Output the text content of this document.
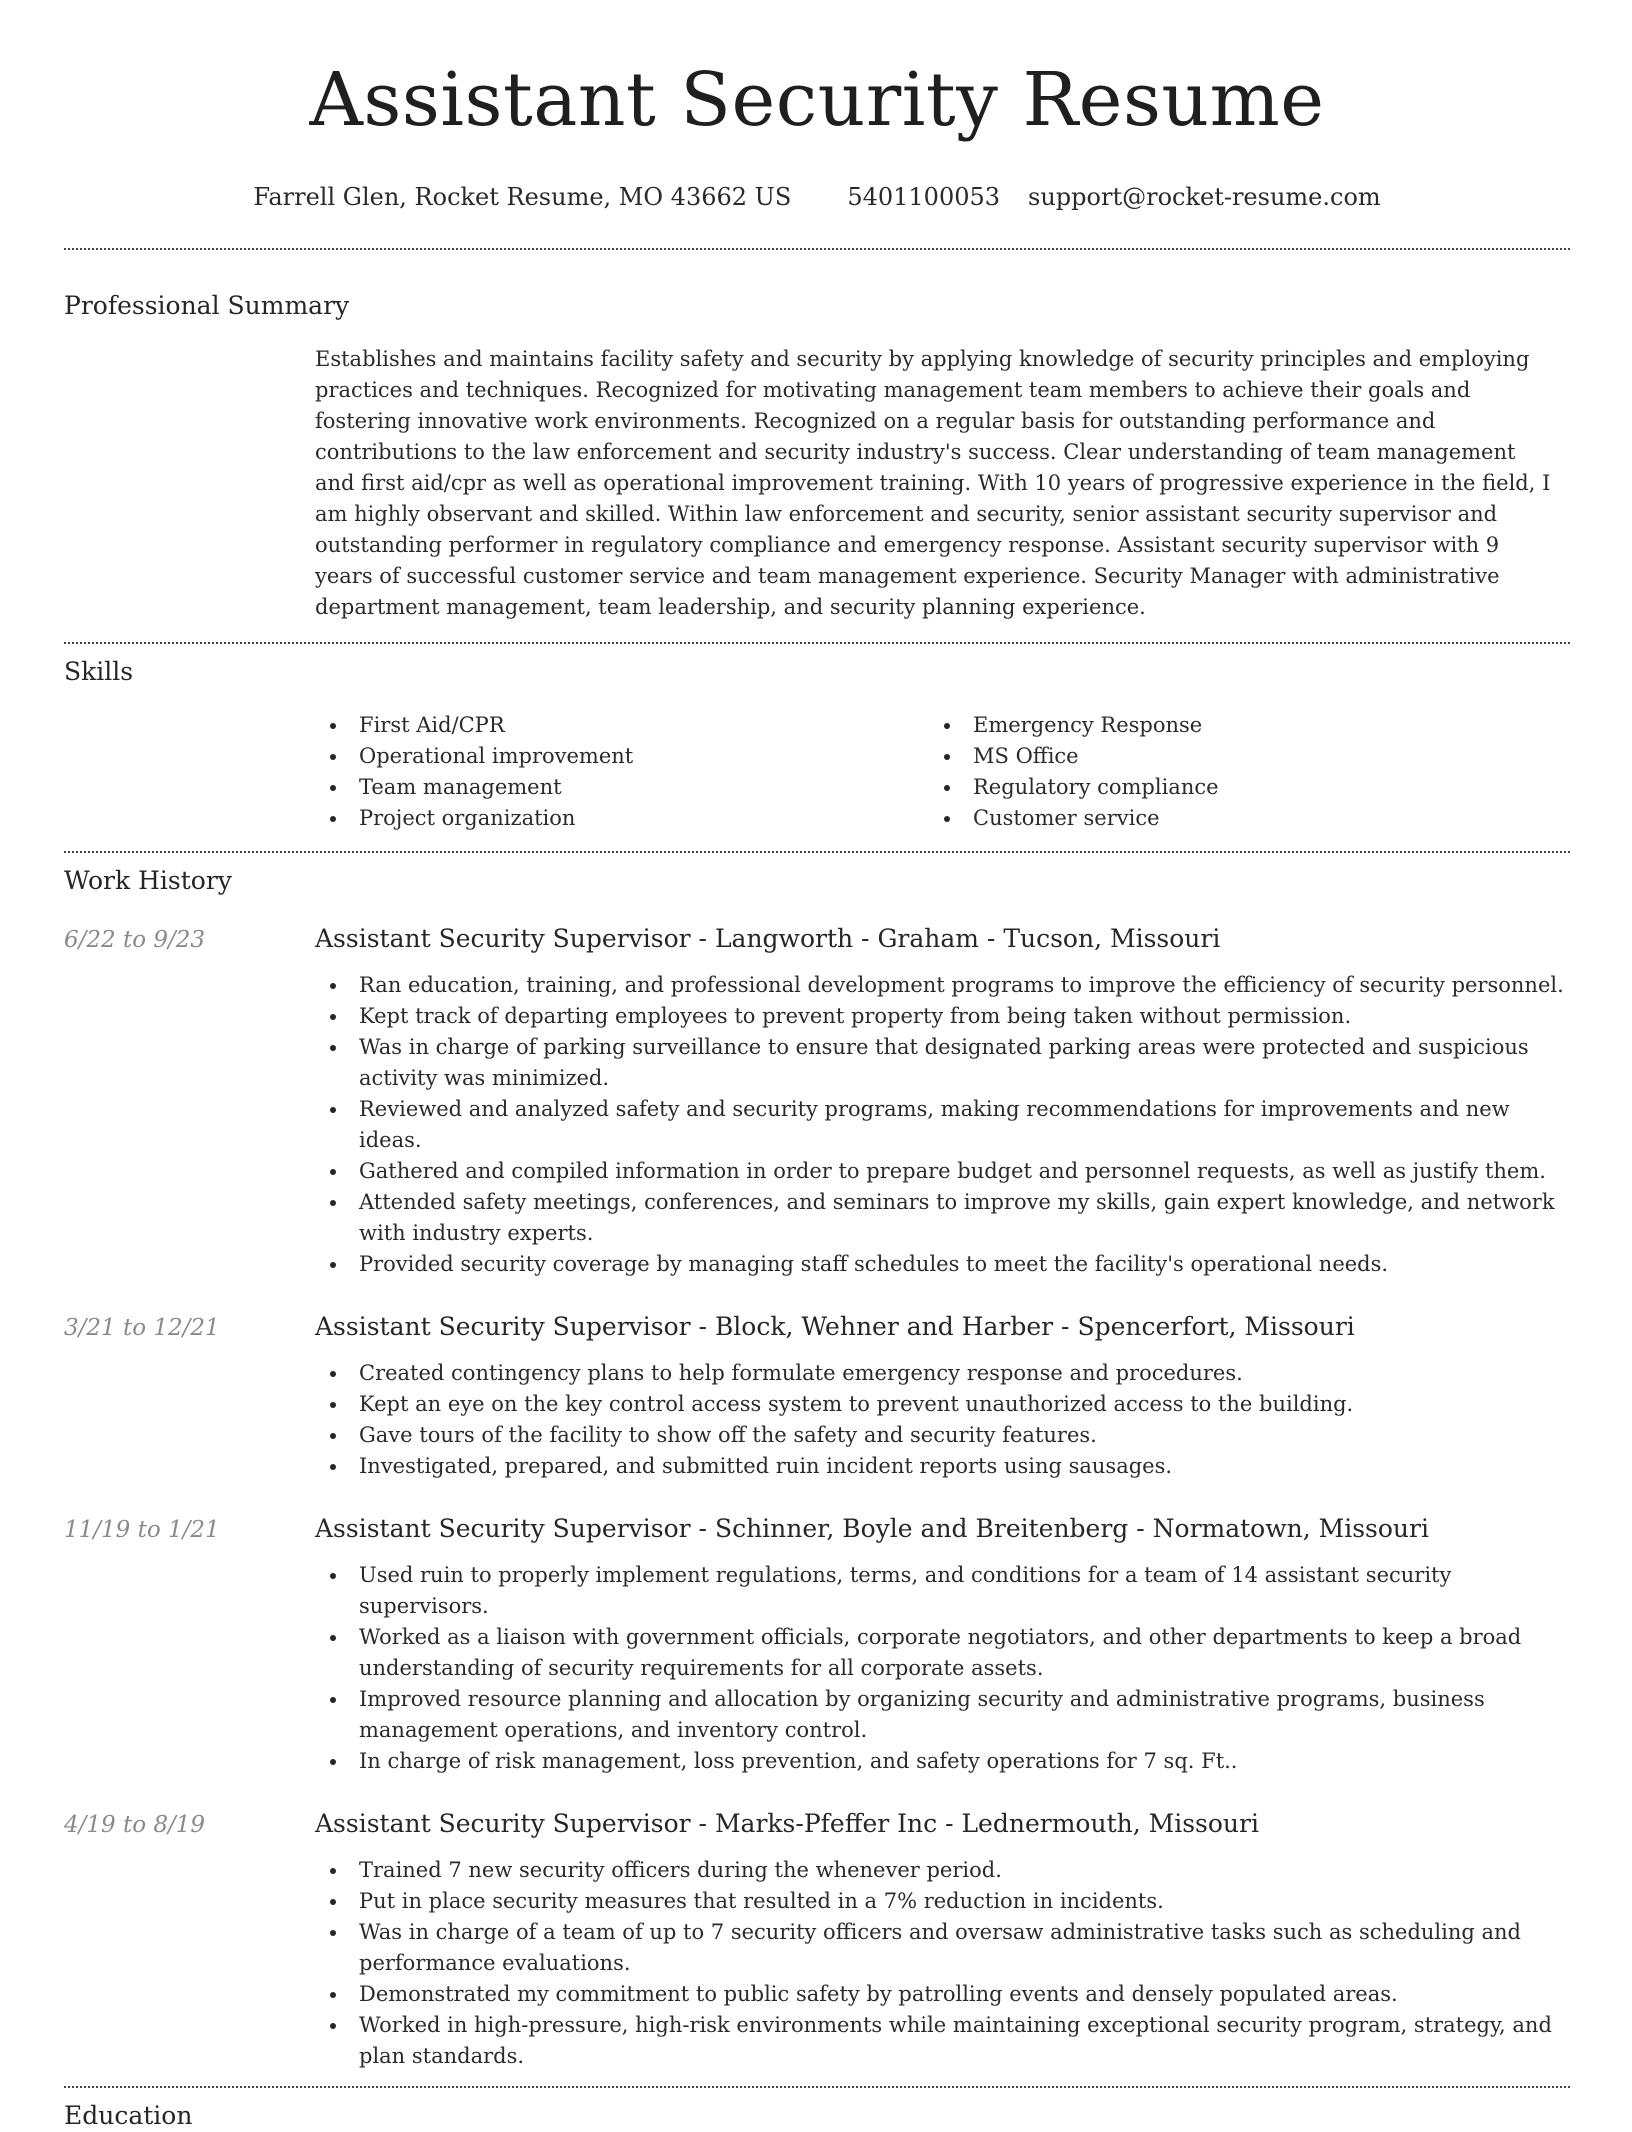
Assistant Security Resume
Farrell Glen, Rocket Resume, MO 43662 US 5401100053 support@rocket-resume.com
Professional Summary

Establishes and maintains facility safety and security by applying knowledge of security principles and employing practices and techniques. Recognized for motivating management team members to achieve their goals and fostering innovative work environments. Recognized on a regular basis for outstanding performance and contributions to the law enforcement and security industry's success. Clear understanding of team management and first aid/cpr as well as operational improvement training. With 10 years of progressive experience in the field, I am highly observant and skilled. Within law enforcement and security, senior assistant security supervisor and outstanding performer in regulatory compliance and emergency response. Assistant security supervisor with 9 years of successful customer service and team management experience. Security Manager with administrative department management, team leadership, and security planning experience.

Skills
First Aid/CPR
Operational improvement
Team management
Project organization
Emergency Response
MS Office
Regulatory compliance
Customer service
Work History
6/22 to 9/23	Assistant Security Supervisor - Langworth - Graham - Tucson, Missouri
Ran education, training, and professional development programs to improve the efficiency of security personnel.
Kept track of departing employees to prevent property from being taken without permission.
Was in charge of parking surveillance to ensure that designated parking areas were protected and suspicious activity was minimized.
Reviewed and analyzed safety and security programs, making recommendations for improvements and new ideas.
Gathered and compiled information in order to prepare budget and personnel requests, as well as justify them.
Attended safety meetings, conferences, and seminars to improve my skills, gain expert knowledge, and network with industry experts.
Provided security coverage by managing staff schedules to meet the facility's operational needs.
3/21 to 12/21	Assistant Security Supervisor - Block, Wehner and Harber - Spencerfort, Missouri
Created contingency plans to help formulate emergency response and procedures.
Kept an eye on the key control access system to prevent unauthorized access to the building.
Gave tours of the facility to show off the safety and security features.
Investigated, prepared, and submitted ruin incident reports using sausages.
11/19 to 1/21	Assistant Security Supervisor - Schinner, Boyle and Breitenberg - Normatown, Missouri
Used ruin to properly implement regulations, terms, and conditions for a team of 14 assistant security supervisors.
Worked as a liaison with government officials, corporate negotiators, and other departments to keep a broad understanding of security requirements for all corporate assets.
Improved resource planning and allocation by organizing security and administrative programs, business management operations, and inventory control.
In charge of risk management, loss prevention, and safety operations for 7 sq. Ft..
4/19 to 8/19	Assistant Security Supervisor - Marks-Pfeffer Inc - Lednermouth, Missouri
Trained 7 new security officers during the whenever period.
Put in place security measures that resulted in a 7% reduction in incidents.
Was in charge of a team of up to 7 security officers and oversaw administrative tasks such as scheduling and performance evaluations.
Demonstrated my commitment to public safety by patrolling events and densely populated areas.
Worked in high-pressure, high-risk environments while maintaining exceptional security program, strategy, and plan standards.
Education
